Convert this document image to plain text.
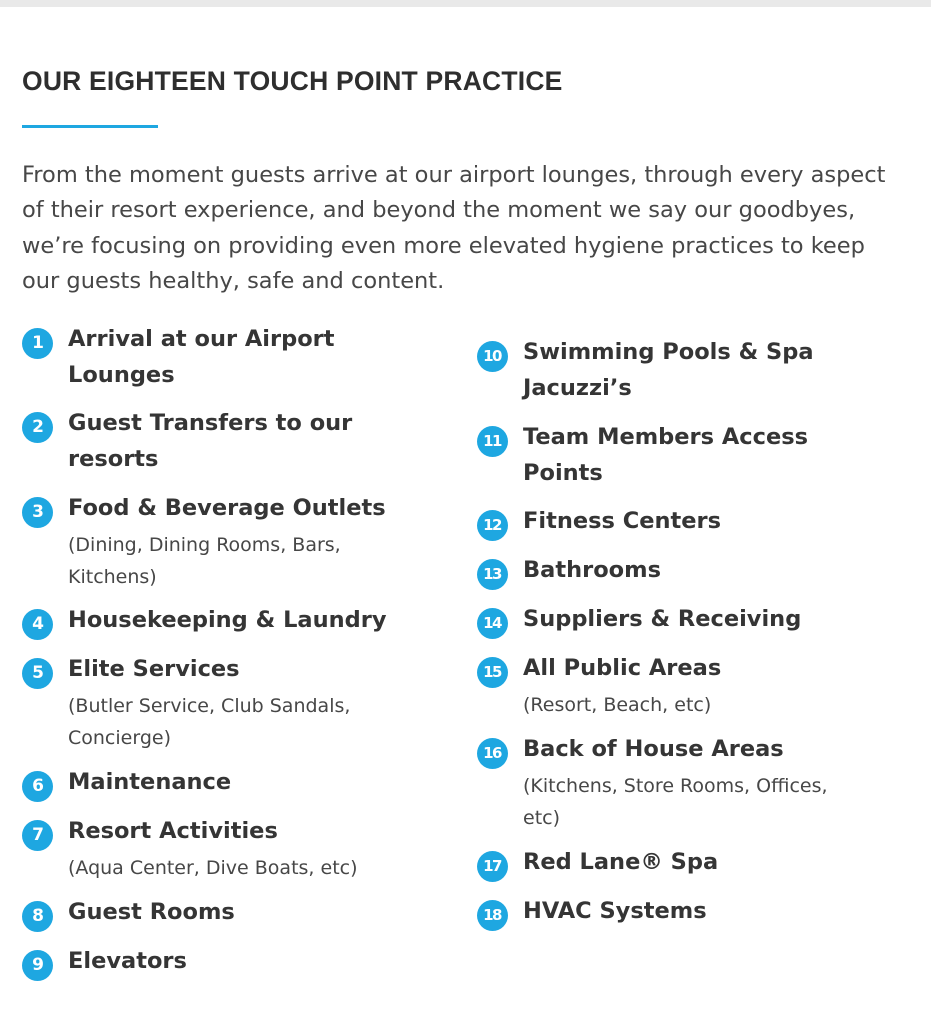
OUR EIGHTEEN TOUCH POINT PRACTICE
From the moment guests arrive at our airport lounges, through every aspect
of their resort experience, and beyond the moment we say our goodbyes,
we’re focusing on providing even more elevated hygiene practices to keep
our guests healthy, safe and content.
1	Arrival at our Airport
Lounges
2	Guest Transfers to our
resorts
3	Food & Beverage Outlets
(Dining, Dining Rooms, Bars,
Kitchens)
4	Housekeeping & Laundry
5	Elite Services
(Butler Service, Club Sandals,
Concierge)
6	Maintenance
7	Resort Activities
(Aqua Center, Dive Boats, etc)
8	Guest Rooms
9	Elevators
10 Swimming Pools & Spa
Jacuzzi’s
11 Team Members Access
Points
12 Fitness Centers
13 Bathrooms
14 Suppliers & Receiving
15 All Public Areas
(Resort, Beach, etc)
16 Back of House Areas
(Kitchens, Store Rooms, Offices,
etc)
17 Red Lane® Spa
18 HVAC Systems
